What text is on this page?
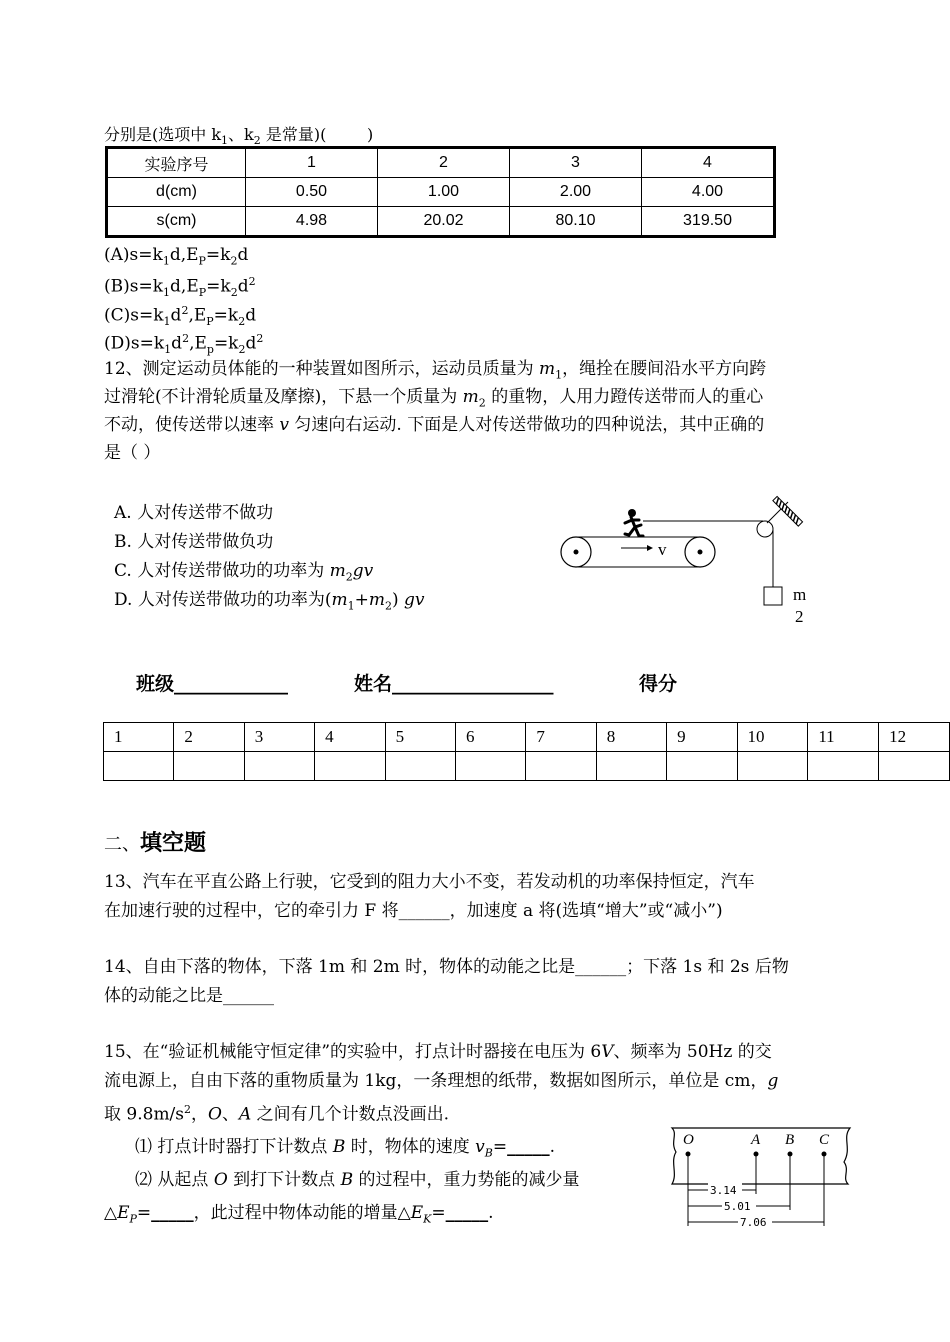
分别是(选项中 $k_1$、$k_2$ 是常量)(        )
实验序号	1	2	3	4
d(cm)	0.50	1.00	2.00	4.00
s(cm)	4.98	20.02	80.10	319.50
$(A)s=k_1d,E_P=k_2d$
$(B)s=k_1d,E_P=k_2d^2$
$(C)s=k_1d^2,E_P=k_2d$
$(D)s=k_1d^2,E_p=k_2d^2$
12、测定运动员体能的一种装置如图所示，运动员质量为 $m_1$，绳拴在腰间沿水平方向跨
过滑轮(不计滑轮质量及摩擦)，下悬一个质量为 $m_2$ 的重物，人用力蹬传送带而人的重心
不动，使传送带以速率 v 匀速向右运动. 下面是人对传送带做功的四种说法，其中正确的
是（ ）
A. 人对传送带不做功
B. 人对传送带做负功
C. 人对传送带做功的功率为 $m_2gv$
D. 人对传送带做功的功率为$(m_1+m_2)$ gv
v
m
2
班级____________	姓名_________________	得分
1	2	3	4	5	6	7	8	9	10	11	12

二、填空题
13、汽车在平直公路上行驶，它受到的阻力大小不变，若发动机的功率保持恒定，汽车
在加速行驶的过程中，它的牵引力 F 将______，加速度 a 将(选填“增大”或“减小”)
14、自由下落的物体，下落 1m 和 2m 时，物体的动能之比是______；下落 1s 和 2s 后物
体的动能之比是______
15、在“验证机械能守恒定律”的实验中，打点计时器接在电压为 6V、频率为 50Hz 的交
流电源上，自由下落的重物质量为 1kg，一条理想的纸带，数据如图所示，单位是 cm，g
取 $9.8m/s^2$，O、A 之间有几个计数点没画出.
⑴ 打点计时器打下计数点 B 时，物体的速度 $v_B=\_\_\_\_\_$.
⑵ 从起点 O 到打下计数点 B 的过程中，重力势能的减少量
$\triangle E_P=\_\_\_\_\_$，此过程中物体动能的增量$\triangle E_K=\_\_\_\_\_$.
O	A B C
3.14
5.01
7.06
